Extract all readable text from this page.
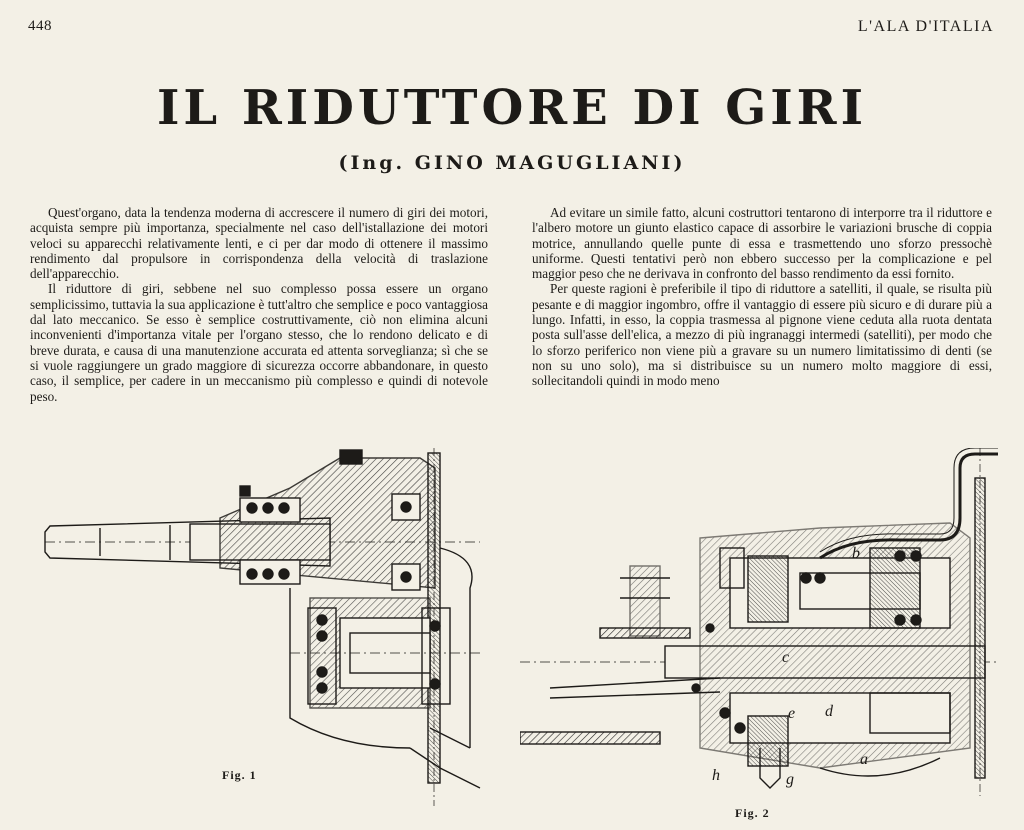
448	L'ALA D'ITALIA
IL RIDUTTORE DI GIRI
(Ing. GINO MAGUGLIANI)

Quest'organo, data la tendenza moderna di accrescere il numero di giri dei motori, acquista sempre più importanza, specialmente nel caso dell'istallazione dei motori veloci su apparecchi relativamente lenti, e ci per dar modo di ottenere il massimo rendimento dal propulsore in corrispondenza della velocità di traslazione dell'apparecchio.

Il riduttore di giri, sebbene nel suo complesso possa essere un organo semplicissimo, tuttavia la sua applicazione è tutt'altro che semplice e poco vantaggiosa dal lato meccanico. Se esso è semplice costruttivamente, ciò non elimina alcuni inconvenienti d'importanza vitale per l'organo stesso, che lo rendono delicato e di breve durata, e causa di una manutenzione accurata ed attenta sorveglianza; sì che se si vuole raggiungere un grado maggiore di sicurezza occorre abbandonare, in questo caso, il semplice, per cadere in un meccanismo più complesso e quindi di notevole peso.

Ad evitare un simile fatto, alcuni costruttori tentarono di interporre tra il riduttore e l'albero motore un giunto elastico capace di assorbire le variazioni brusche di coppia motrice, annullando quelle punte di essa e trasmettendo uno sforzo pressochè uniforme. Questi tentativi però non ebbero successo per la complicazione e pel maggior peso che ne derivava in confronto del basso rendimento da essi fornito.

Per queste ragioni è preferibile il tipo di riduttore a satelliti, il quale, se risulta più pesante e di maggior ingombro, offre il vantaggio di essere più sicuro e di durare più a lungo. Infatti, in esso, la coppia trasmessa al pignone viene ceduta alla ruota dentata posta sull'asse dell'elica, a mezzo di più ingranaggi intermedi (satelliti), per modo che lo sforzo periferico non viene più a gravare su un numero limitatissimo di denti (se non su uno solo), ma si distribuisce su un numero molto maggiore di essi, sollecitandoli quindi in modo meno

Fig. 1
c
e d
a
b
g
h
Fig. 2
